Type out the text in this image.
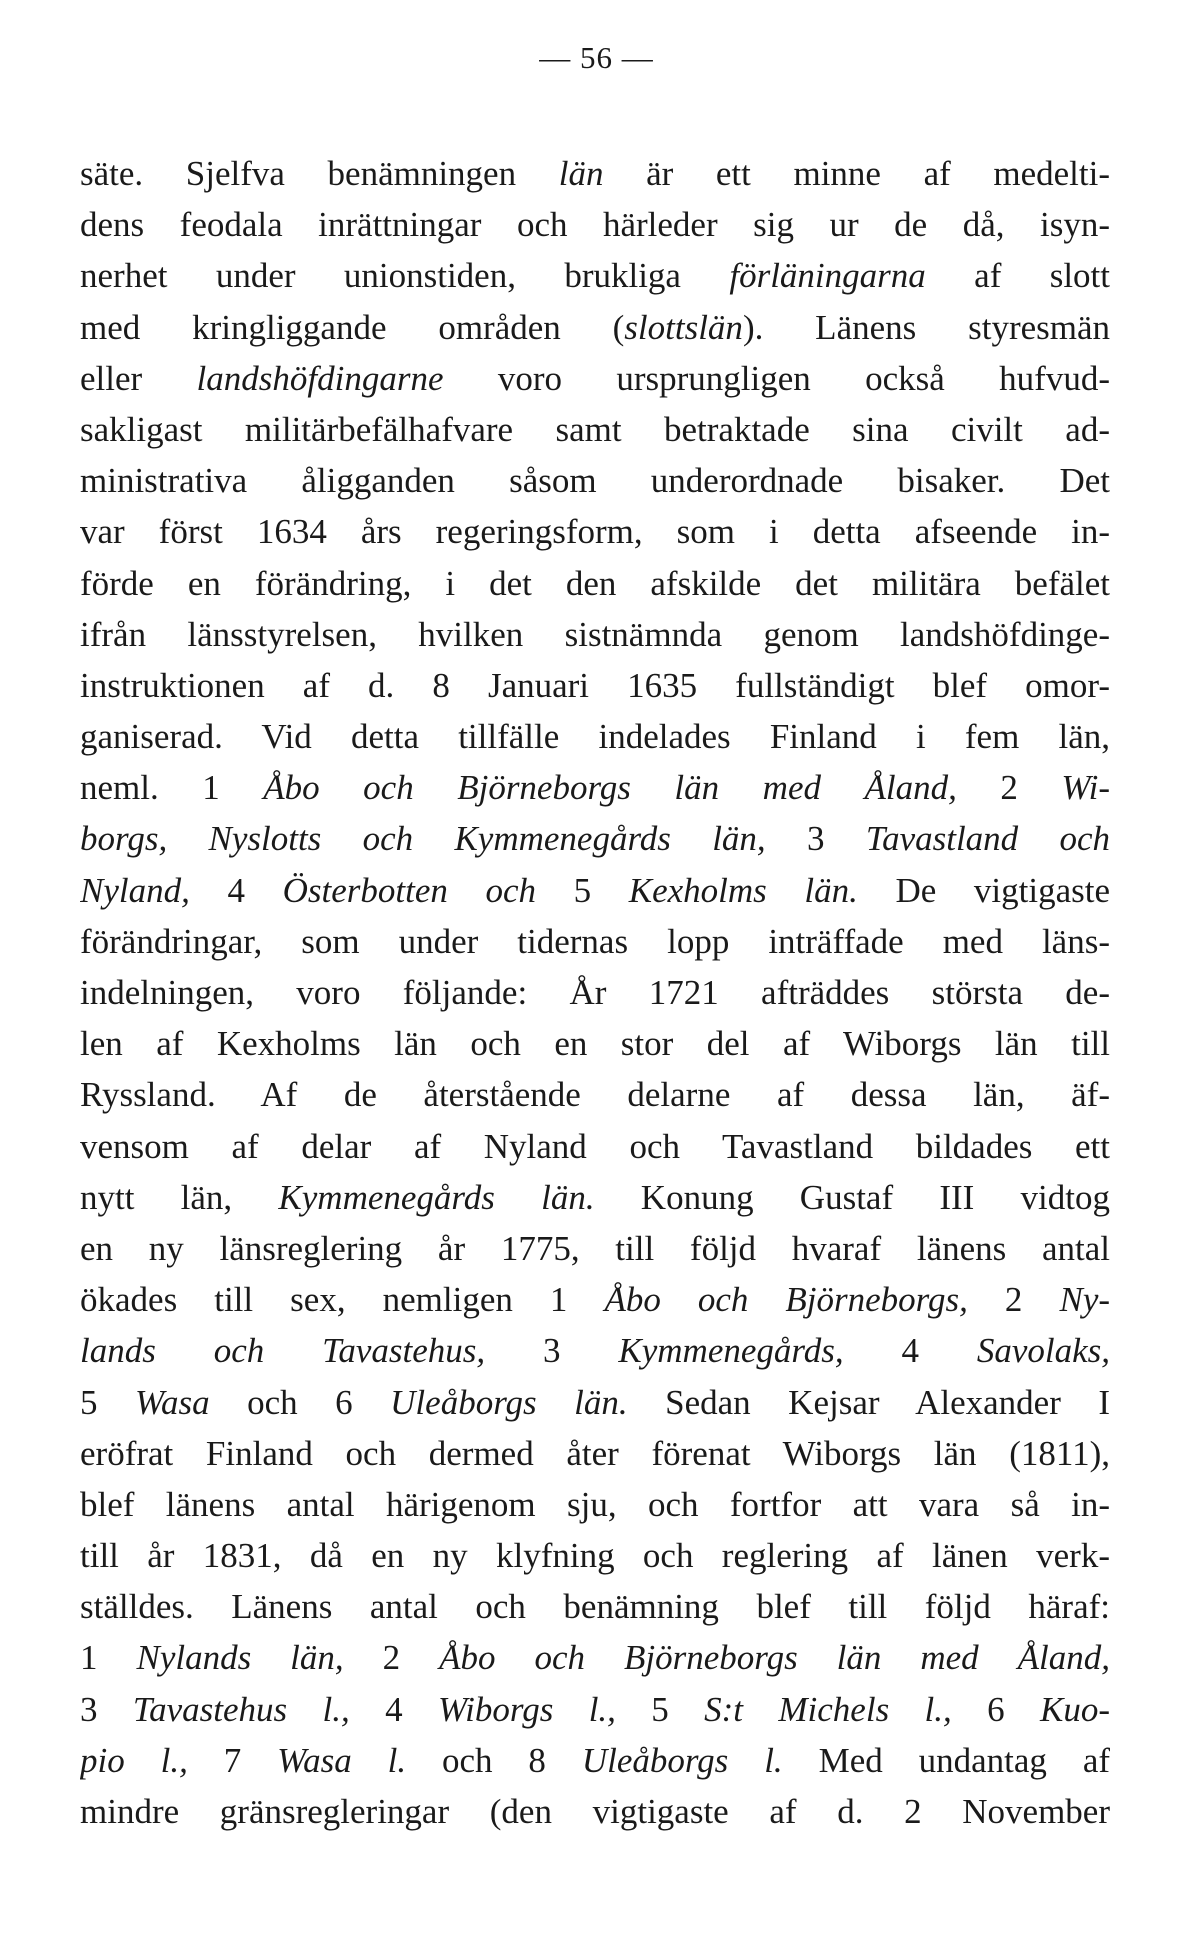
— 56 —
säte. Sjelfva benämningen län är ett minne af medelti-
dens feodala inrättningar och härleder sig ur de då, isyn-
nerhet under unionstiden, brukliga förläningarna af slott
med kringliggande områden (slottslän). Länens styresmän
eller landshöfdingarne voro ursprungligen också hufvud-
sakligast militärbefälhafvare samt betraktade sina civilt ad-
ministrativa åligganden såsom underordnade bisaker. Det
var först 1634 års regeringsform, som i detta afseende in-
förde en förändring, i det den afskilde det militära befälet
ifrån länsstyrelsen, hvilken sistnämnda genom landshöfdinge-
instruktionen af d. 8 Januari 1635 fullständigt blef omor-
ganiserad. Vid detta tillfälle indelades Finland i fem län,
neml. 1 Åbo och Björneborgs län med Åland, 2 Wi-
borgs, Nyslotts och Kymmenegårds län, 3 Tavastland och
Nyland, 4 Österbotten och 5 Kexholms län. De vigtigaste
förändringar, som under tidernas lopp inträffade med läns-
indelningen, voro följande: År 1721 afträddes största de-
len af Kexholms län och en stor del af Wiborgs län till
Ryssland. Af de återstående delarne af dessa län, äf-
vensom af delar af Nyland och Tavastland bildades ett
nytt län, Kymmenegårds län. Konung Gustaf III vidtog
en ny länsreglering år 1775, till följd hvaraf länens antal
ökades till sex, nemligen 1 Åbo och Björneborgs, 2 Ny-
lands och Tavastehus, 3 Kymmenegårds, 4 Savolaks,
5 Wasa och 6 Uleåborgs län. Sedan Kejsar Alexander I
eröfrat Finland och dermed åter förenat Wiborgs län (1811),
blef länens antal härigenom sju, och fortfor att vara så in-
till år 1831, då en ny klyfning och reglering af länen verk-
ställdes. Länens antal och benämning blef till följd häraf:
1 Nylands län, 2 Åbo och Björneborgs län med Åland,
3 Tavastehus l., 4 Wiborgs l., 5 S:t Michels l., 6 Kuo-
pio l., 7 Wasa l. och 8 Uleåborgs l. Med undantag af
mindre gränsregleringar (den vigtigaste af d. 2 November
